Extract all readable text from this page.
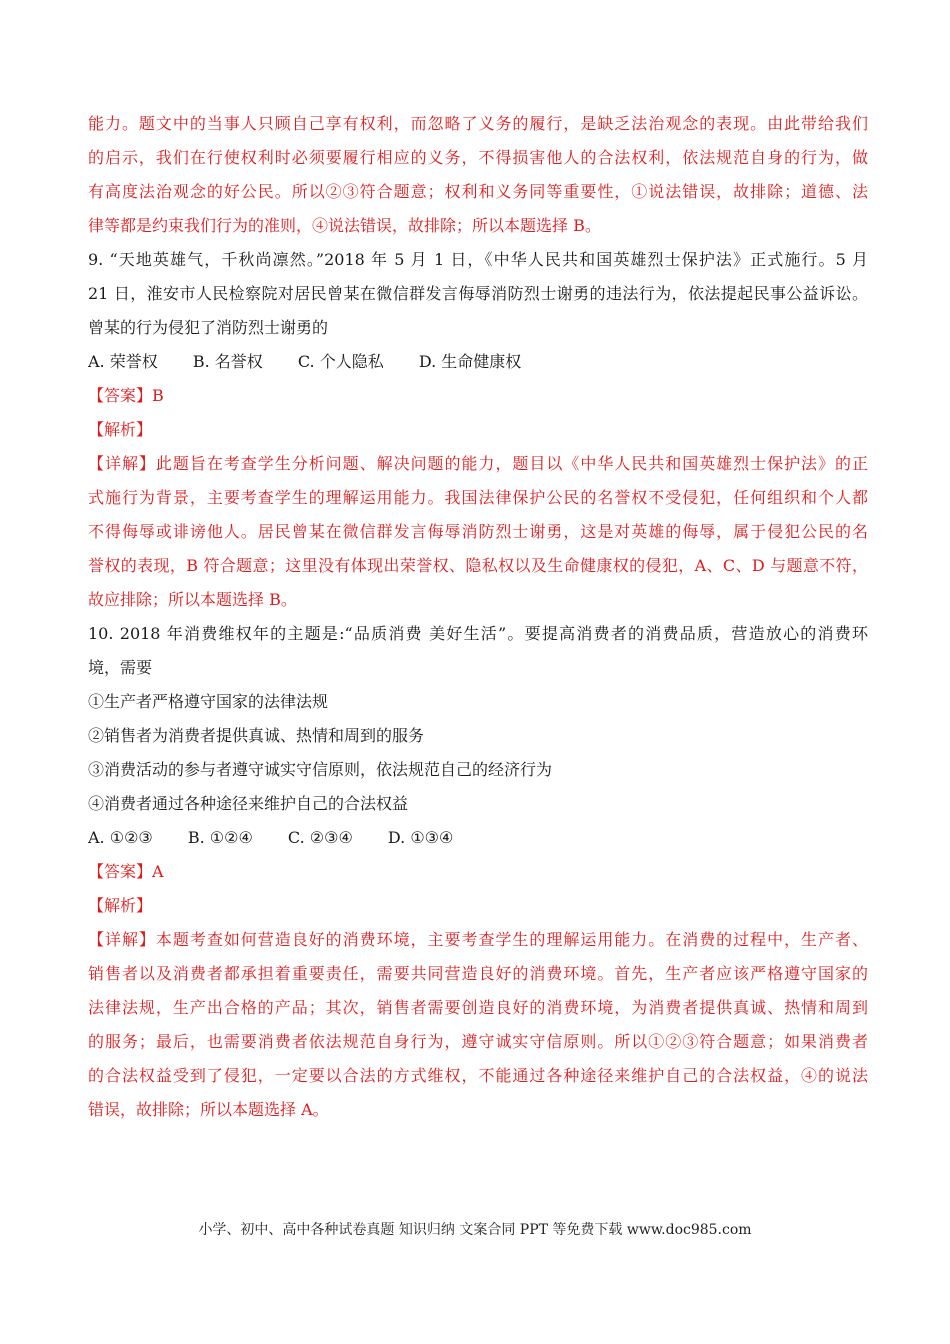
能力。题文中的当事人只顾自己享有权利，而忽略了义务的履行，是缺乏法治观念的表现。由此带给我们
的启示，我们在行使权利时必须要履行相应的义务，不得损害他人的合法权利，依法规范自身的行为，做
有高度法治观念的好公民。所以②③符合题意；权利和义务同等重要性，①说法错误，故排除；道德、法
律等都是约束我们行为的准则，④说法错误，故排除；所以本题选择 B。
9. “天地英雄气，千秋尚凛然。”2018 年 5 月 1 日，《中华人民共和国英雄烈士保护法》正式施行。5 月
21 日，淮安市人民检察院对居民曾某在微信群发言侮辱消防烈士谢勇的违法行为，依法提起民事公益诉讼。
曾某的行为侵犯了消防烈士谢勇的
A. 荣誉权 B. 名誉权 C. 个人隐私 D. 生命健康权
【答案】B
【解析】
【详解】此题旨在考查学生分析问题、解决问题的能力，题目以《中华人民共和国英雄烈士保护法》的正
式施行为背景，主要考查学生的理解运用能力。我国法律保护公民的名誉权不受侵犯，任何组织和个人都
不得侮辱或诽谤他人。居民曾某在微信群发言侮辱消防烈士谢勇，这是对英雄的侮辱，属于侵犯公民的名
誉权的表现，B 符合题意；这里没有体现出荣誉权、隐私权以及生命健康权的侵犯，A、C、D 与题意不符，
故应排除；所以本题选择 B。
10. 2018 年消费维权年的主题是:“品质消费 美好生活”。要提高消费者的消费品质，营造放心的消费环
境，需要
①生产者严格遵守国家的法律法规
②销售者为消费者提供真诚、热情和周到的服务
③消费活动的参与者遵守诚实守信原则，依法规范自己的经济行为
④消费者通过各种途径来维护自己的合法权益
A. ①②③ B. ①②④ C. ②③④ D. ①③④
【答案】A
【解析】
【详解】本题考查如何营造良好的消费环境，主要考查学生的理解运用能力。在消费的过程中，生产者、
销售者以及消费者都承担着重要责任，需要共同营造良好的消费环境。首先，生产者应该严格遵守国家的
法律法规，生产出合格的产品；其次，销售者需要创造良好的消费环境，为消费者提供真诚、热情和周到
的服务；最后，也需要消费者依法规范自身行为，遵守诚实守信原则。所以①②③符合题意；如果消费者
的合法权益受到了侵犯，一定要以合法的方式维权，不能通过各种途径来维护自己的合法权益，④的说法
错误，故排除；所以本题选择 A。
小学、初中、高中各种试卷真题 知识归纳 文案合同 PPT 等免费下载 www.doc985.com
